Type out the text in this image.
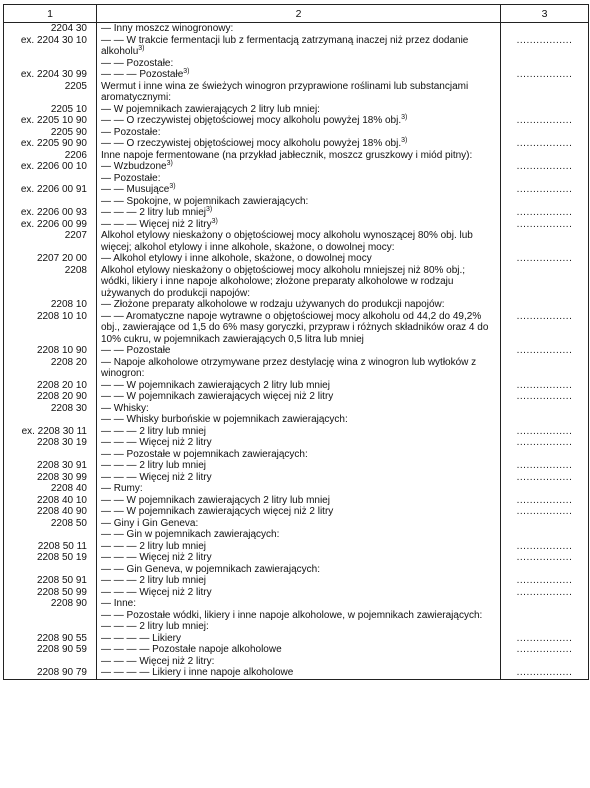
1	2	3
2204 30	— Inny moszcz winogronowy:	
ex. 2204 30 10	— — W trakcie fermentacji lub z fermentacją zatrzymaną inaczej niż przez dodanie alkoholu$^{3)}$	.................
	— — Pozostałe:	
ex. 2204 30 99	— — — Pozostałe$^{3)}$	.................
2205	Wermut i inne wina ze świeżych winogron przyprawione roślinami lub substancjami aromatycznymi:	
2205 10	— W pojemnikach zawierających 2 litry lub mniej:	
ex. 2205 10 90	— — O rzeczywistej objętościowej mocy alkoholu powyżej 18% obj.$^{3)}$	.................
2205 90	— Pozostałe:	
ex. 2205 90 90	— — O rzeczywistej objętościowej mocy alkoholu powyżej 18% obj.$^{3)}$	.................
2206	Inne napoje fermentowane (na przykład jabłecznik, moszcz gruszkowy i miód pitny):	
ex. 2206 00 10	— Wzbudzone$^{3)}$	.................
	— Pozostałe:	
ex. 2206 00 91	— — Musujące$^{3)}$	.................
	— — Spokojne, w pojemnikach zawierających:	
ex. 2206 00 93	— — — 2 litry lub mniej$^{3)}$	.................
ex. 2206 00 99	— — — Więcej niż 2 litry$^{3)}$	.................
2207	Alkohol etylowy nieskażony o objętościowej mocy alkoholu wynoszącej 80% obj. lub więcej; alkohol etylowy i inne alkohole, skażone, o dowolnej mocy:	
2207 20 00	— Alkohol etylowy i inne alkohole, skażone, o dowolnej mocy	.................
2208	Alkohol etylowy nieskażony o objętościowej mocy alkoholu mniejszej niż 80% obj.; wódki, likiery i inne napoje alkoholowe; złożone preparaty alkoholowe w rodzaju używanych do produkcji napojów:	
2208 10	— Złożone preparaty alkoholowe w rodzaju używanych do produkcji napojów:	
2208 10 10	— — Aromatyczne napoje wytrawne o objętościowej mocy alkoholu od 44,2 do 49,2% obj., zawierające od 1,5 do 6% masy goryczki, przypraw i różnych składników oraz 4 do 10% cukru, w pojemnikach zawierających 0,5 litra lub mniej	.................
2208 10 90	— — Pozostałe	.................
2208 20	— Napoje alkoholowe otrzymywane przez destylację wina z winogron lub wytłoków z winogron:	
2208 20 10	— — W pojemnikach zawierających 2 litry lub mniej	.................
2208 20 90	— — W pojemnikach zawierających więcej niż 2 litry	.................
2208 30	— Whisky:	
	— — Whisky burbońskie w pojemnikach zawierających:	
ex. 2208 30 11	— — — 2 litry lub mniej	.................
2208 30 19	— — — Więcej niż 2 litry	.................
	— — Pozostałe w pojemnikach zawierających:	
2208 30 91	— — — 2 litry lub mniej	.................
2208 30 99	— — — Więcej niż 2 litry	.................
2208 40	— Rumy:	
2208 40 10	— — W pojemnikach zawierających 2 litry lub mniej	.................
2208 40 90	— — W pojemnikach zawierających więcej niż 2 litry	.................
2208 50	— Giny i Gin Geneva:	
	— — Gin w pojemnikach zawierających:	
2208 50 11	— — — 2 litry lub mniej	.................
2208 50 19	— — — Więcej niż 2 litry	.................
	— — Gin Geneva, w pojemnikach zawierających:	
2208 50 91	— — — 2 litry lub mniej	.................
2208 50 99	— — — Więcej niż 2 litry	.................
2208 90	— Inne:	
	— — Pozostałe wódki, likiery i inne napoje alkoholowe, w pojemnikach zawierających:	
	— — — 2 litry lub mniej:	
2208 90 55	— — — — Likiery	.................
2208 90 59	— — — — Pozostałe napoje alkoholowe	.................
	— — — Więcej niż 2 litry:	
2208 90 79	— — — — Likiery i inne napoje alkoholowe	.................
